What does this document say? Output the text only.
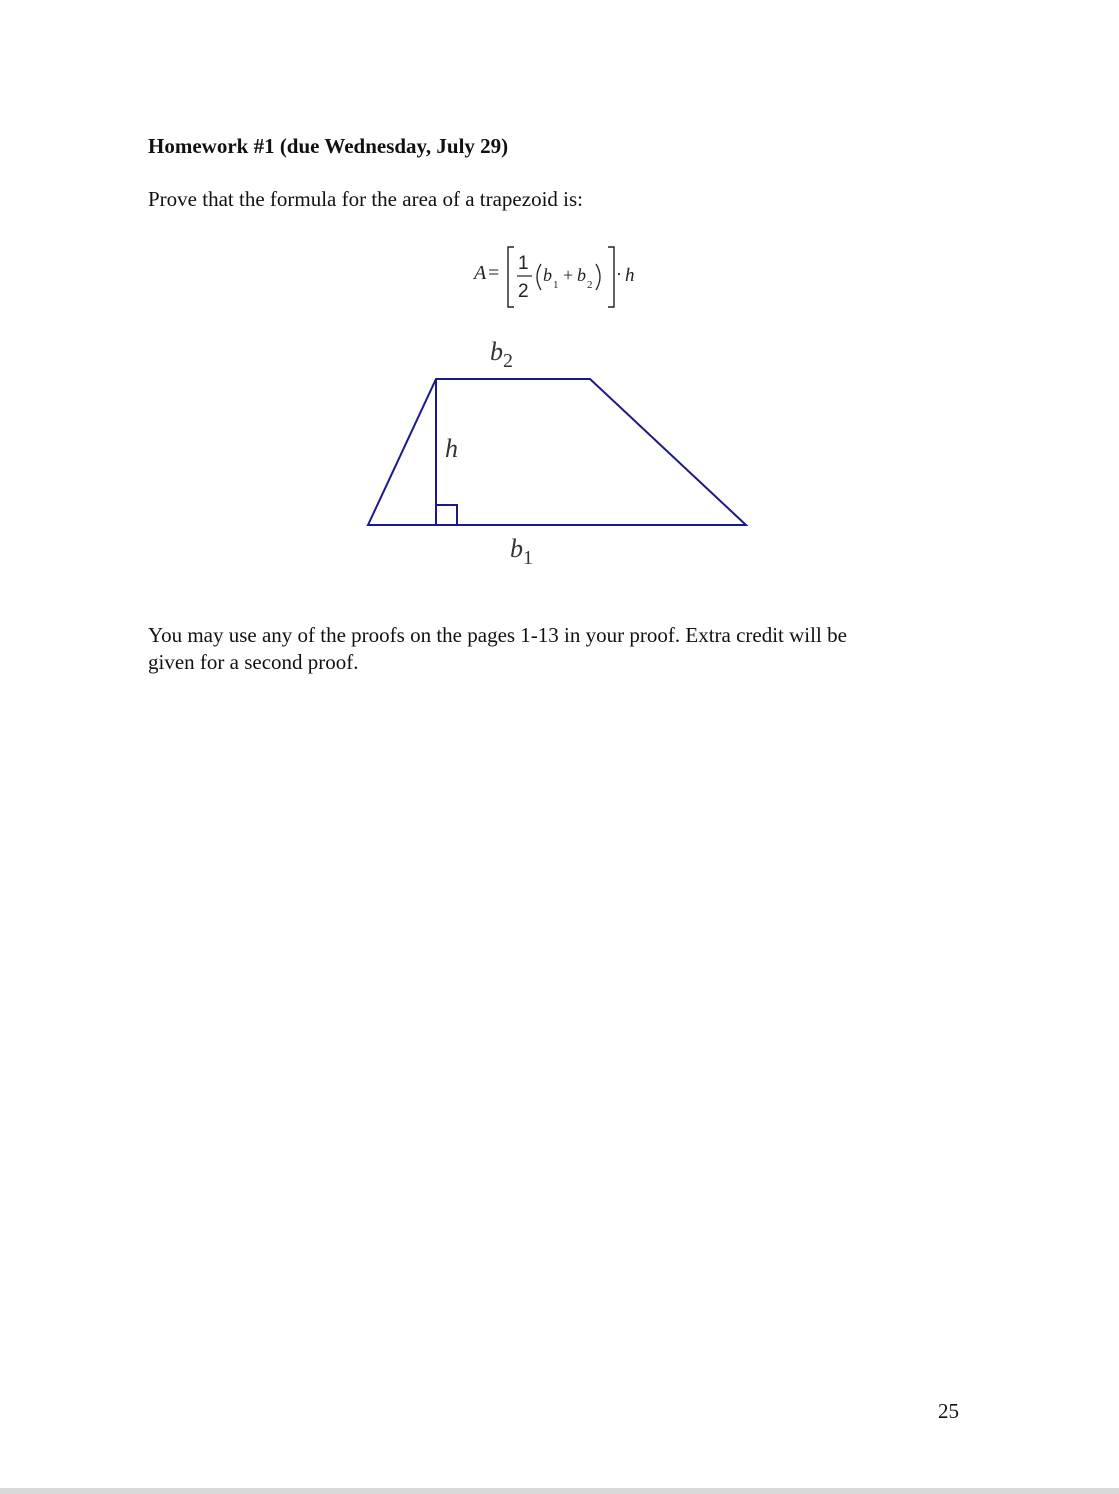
Homework #1 (due Wednesday, July 29)
Prove that the formula for the area of a trapezoid is:
A = 1
2
b 1 + b 2
· h
$b_2$
h
$b_1$
You may use any of the proofs on the pages 1-13 in your proof. Extra credit will be
given for a second proof.
25
